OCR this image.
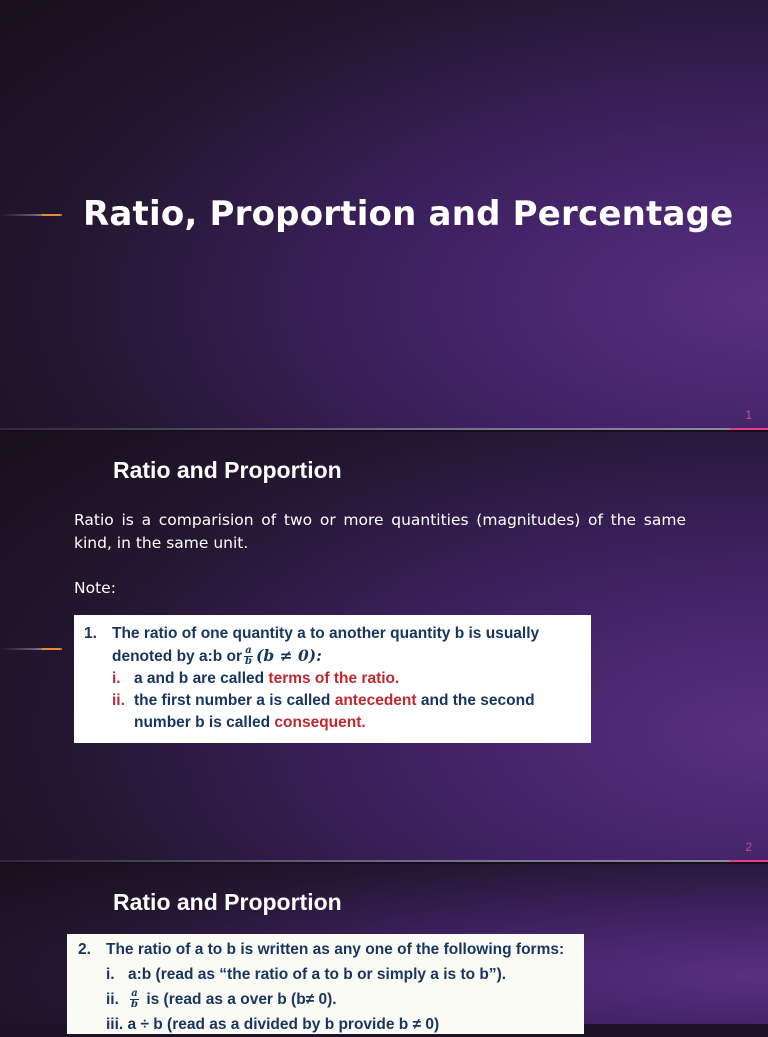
Ratio, Proportion and Percentage
1
Ratio and Proportion

Ratio is a comparision of two or more quantities (magnitudes) of the same kind, in the same unit.

Note:

1. The ratio of one quantity a to another quantity b is usually
denoted by a:b or $\frac{a}{b} (b \ne 0)$:
i. a and b are called terms of the ratio.
ii. the first number a is called antecedent and the second
number b is called consequent.
2
Ratio and Proportion
2. The ratio of a to b is written as any one of the following forms:
i. a:b (read as “the ratio of a to b or simply a is to b”).
ii. $\frac{a}{b}$ is (read as a over b (b≠ 0).
iii. a ÷ b (read as a divided by b provide b ≠ 0)
